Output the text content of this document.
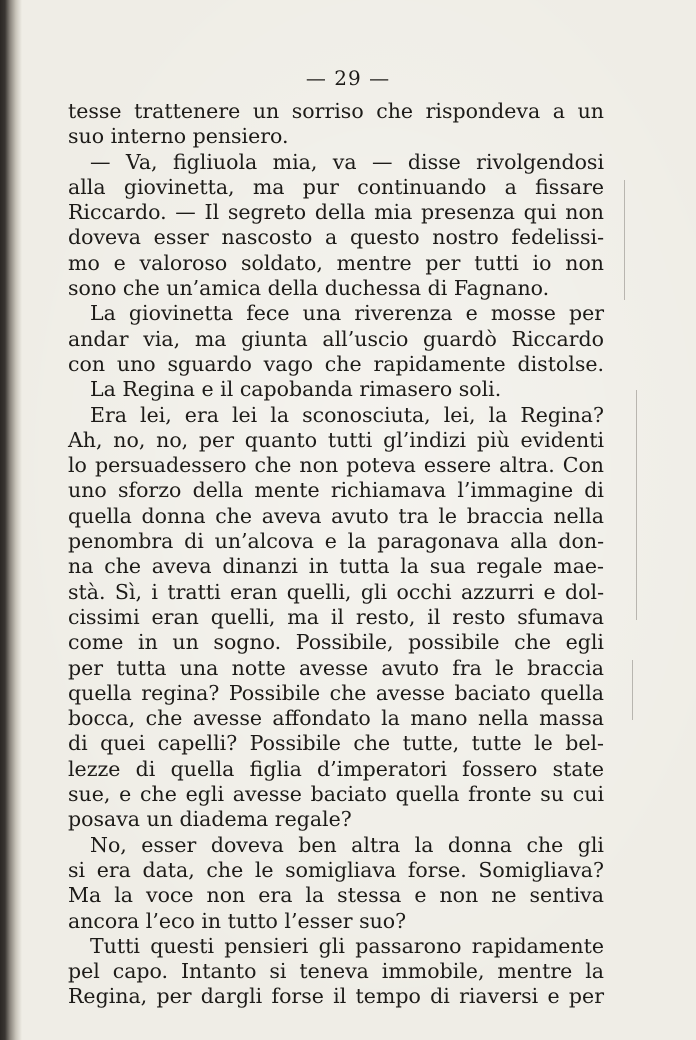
— 29 —
tesse trattenere un sorriso che rispondeva a un
suo interno pensiero.
— Va, figliuola mia, va — disse rivolgendosi
alla giovinetta, ma pur continuando a fissare
Riccardo. — Il segreto della mia presenza qui non
doveva esser nascosto a questo nostro fedelissi-
mo e valoroso soldato, mentre per tutti io non
sono che un’amica della duchessa di Fagnano.
La giovinetta fece una riverenza e mosse per
andar via, ma giunta all’uscio guardò Riccardo
con uno sguardo vago che rapidamente distolse.
La Regina e il capobanda rimasero soli.
Era lei, era lei la sconosciuta, lei, la Regina?
Ah, no, no, per quanto tutti gl’indizi più evidenti
lo persuadessero che non poteva essere altra. Con
uno sforzo della mente richiamava l’immagine di
quella donna che aveva avuto tra le braccia nella
penombra di un’alcova e la paragonava alla don-
na che aveva dinanzi in tutta la sua regale mae-
stà. Sì, i tratti eran quelli, gli occhi azzurri e dol-
cissimi eran quelli, ma il resto, il resto sfumava
come in un sogno. Possibile, possibile che egli
per tutta una notte avesse avuto fra le braccia
quella regina? Possibile che avesse baciato quella
bocca, che avesse affondato la mano nella massa
di quei capelli? Possibile che tutte, tutte le bel-
lezze di quella figlia d’imperatori fossero state
sue, e che egli avesse baciato quella fronte su cui
posava un diadema regale?
No, esser doveva ben altra la donna che gli
si era data, che le somigliava forse. Somigliava?
Ma la voce non era la stessa e non ne sentiva
ancora l’eco in tutto l’esser suo?
Tutti questi pensieri gli passarono rapidamente
pel capo. Intanto si teneva immobile, mentre la
Regina, per dargli forse il tempo di riaversi e per
